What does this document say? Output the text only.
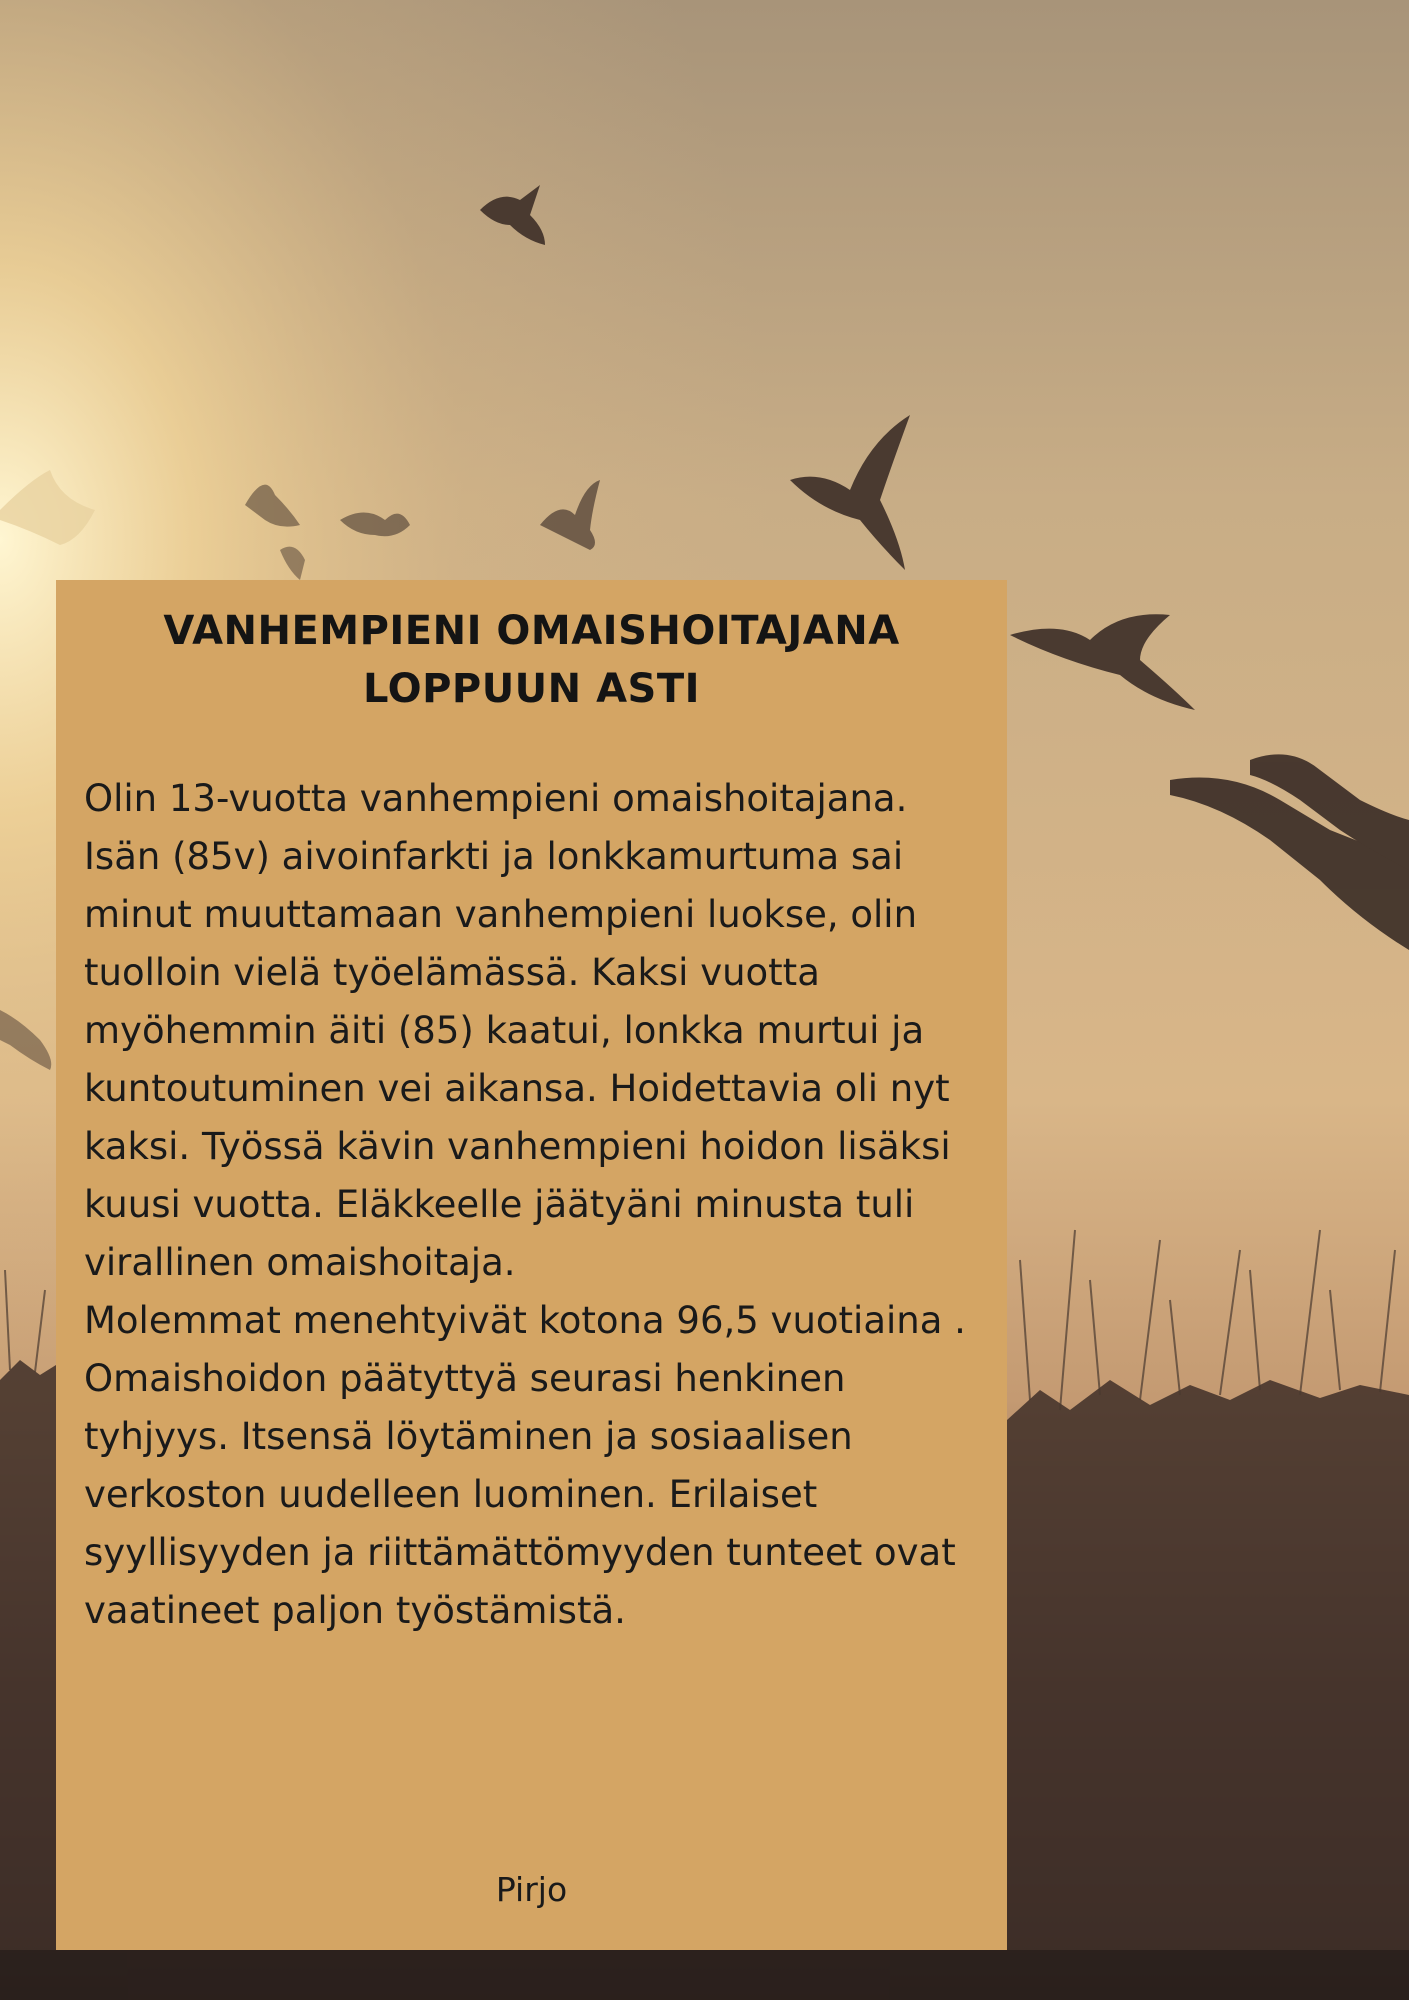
VANHEMPIENI OMAISHOITAJANA
LOPPUUN ASTI

Olin 13-vuotta vanhempieni omaishoitajana. Isän (85v) aivoinfarkti ja lonkkamurtuma sai minut muuttamaan vanhempieni luokse, olin tuolloin vielä työelämässä. Kaksi vuotta myöhemmin äiti (85) kaatui, lonkka murtui ja kuntoutuminen vei aikansa. Hoidettavia oli nyt kaksi. Työssä kävin vanhempieni hoidon lisäksi kuusi vuotta. Eläkkeelle jäätyäni minusta tuli virallinen omaishoitaja.

Molemmat menehtyivät kotona 96,5 vuotiaina . Omaishoidon päätyttyä seurasi henkinen tyhjyys. Itsensä löytäminen ja sosiaalisen verkoston uudelleen luominen. Erilaiset syyllisyyden ja riittämättömyyden tunteet ovat vaatineet paljon työstämistä.

Pirjo
